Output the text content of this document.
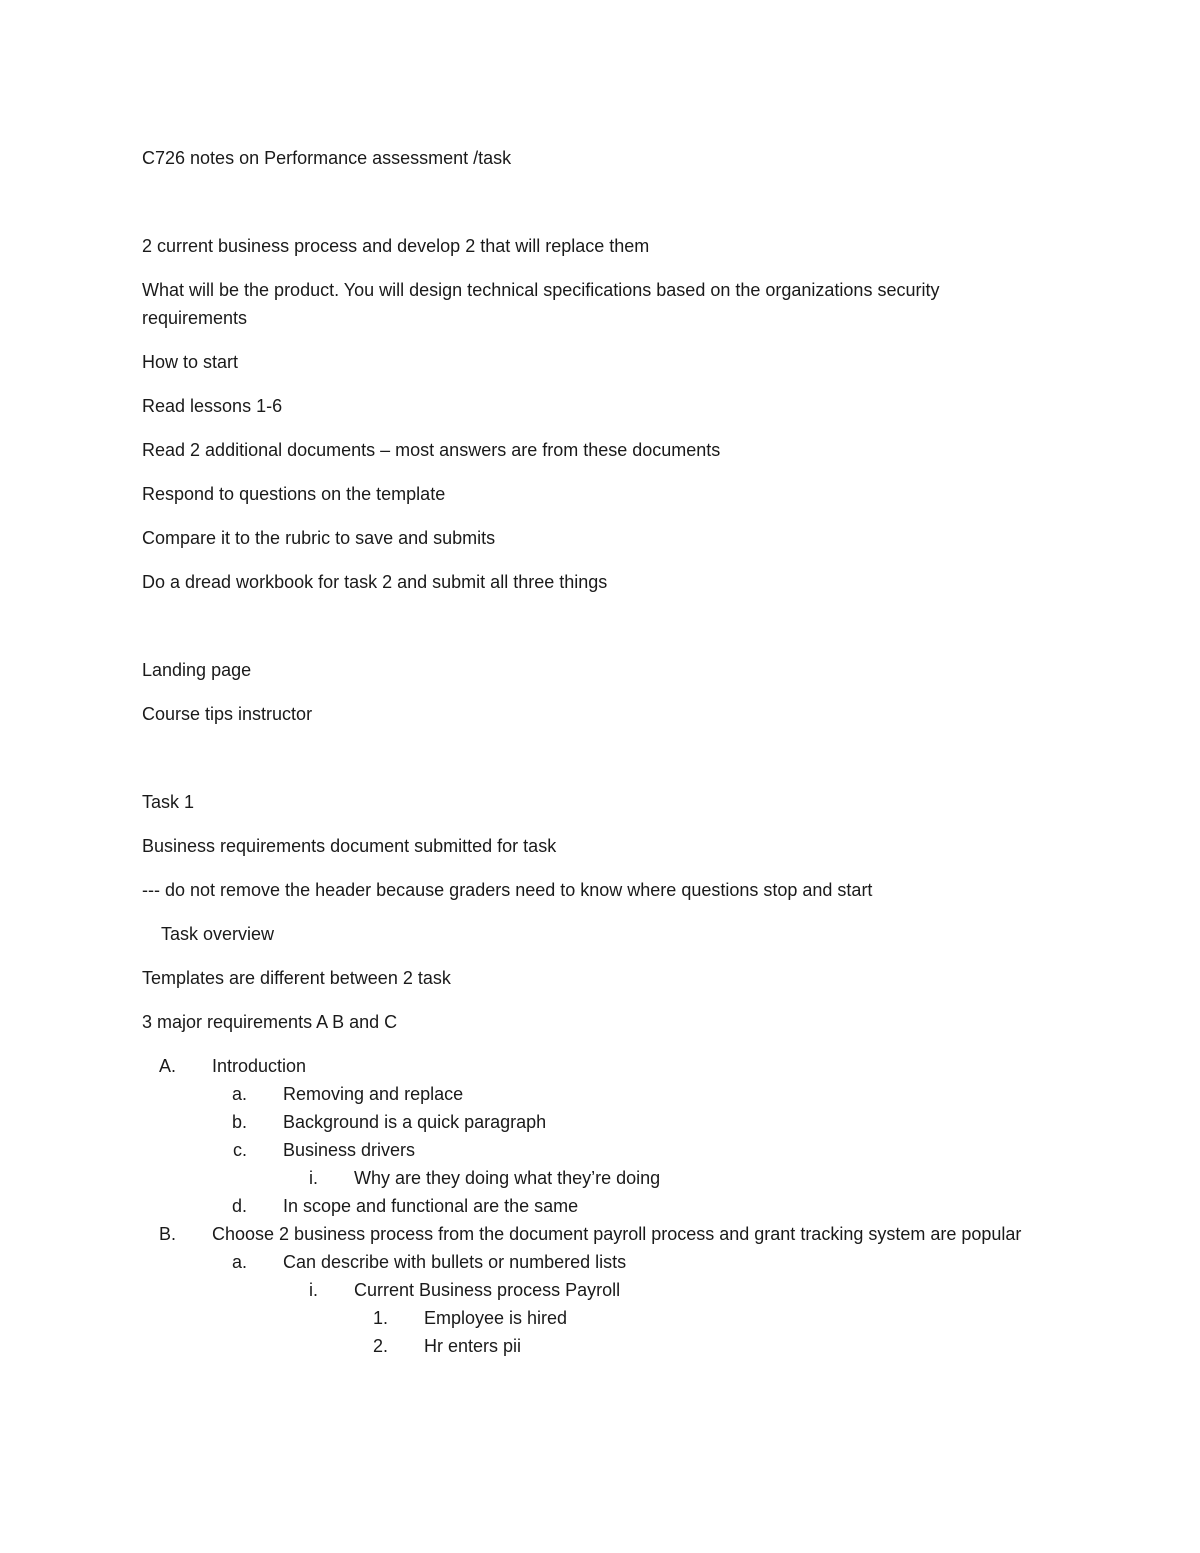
C726 notes on Performance assessment /task

2 current business process and develop 2 that will replace them

What will be the product. You will design technical specifications based on the organizations security requirements

How to start

Read lessons 1-6

Read 2 additional documents – most answers are from these documents

Respond to questions on the template

Compare it to the rubric to save and submits

Do a dread workbook for task 2 and submit all three things

Landing page

Course tips instructor

Task 1

Business requirements document submitted for task

--- do not remove the header because graders need to know where questions stop and start

Task overview

Templates are different between 2 task

3 major requirements A B and C

A. Introduction
a. Removing and replace
b. Background is a quick paragraph
c. Business drivers
i. Why are they doing what they’re doing
d. In scope and functional are the same
B. Choose 2 business process from the document payroll process and grant tracking system are popular
a. Can describe with bullets or numbered lists
i. Current Business process Payroll
1. Employee is hired
2. Hr enters pii
